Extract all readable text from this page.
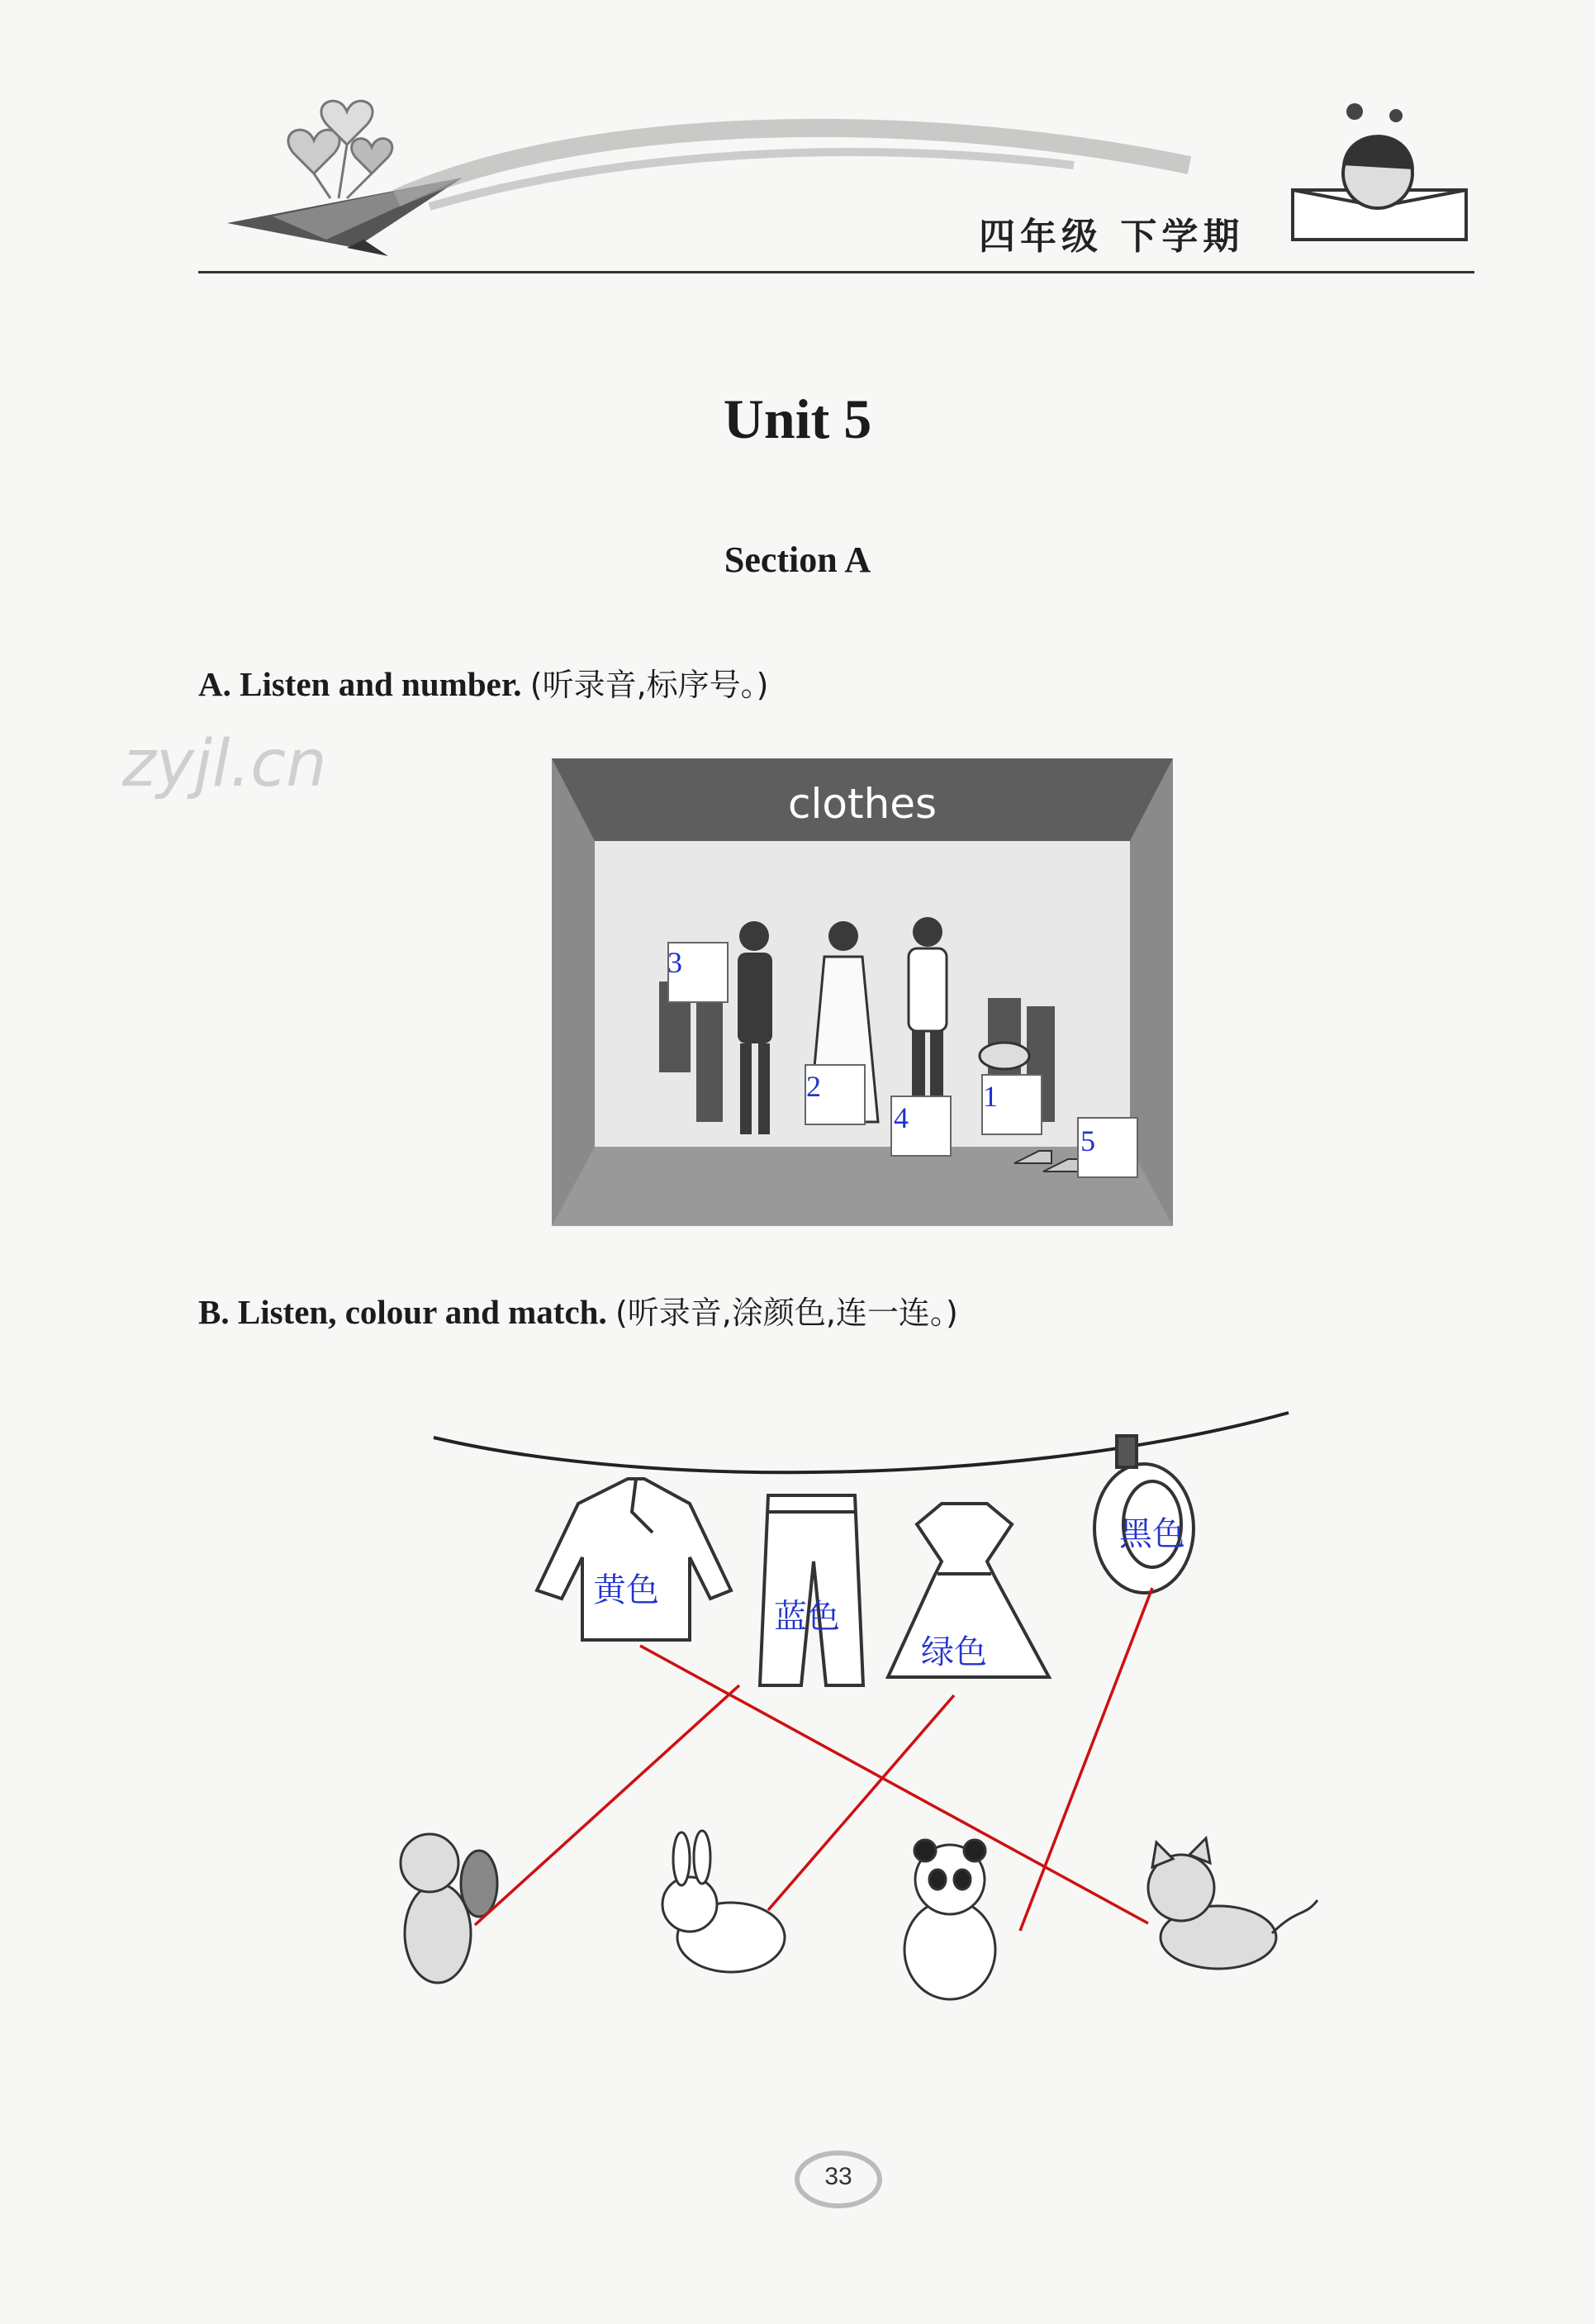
四年级 下学期
Unit 5
Section A
zyjl.cn
A. Listen and number. (听录音,标序号。)
clothes
3
2
4
1
5
B. Listen, colour and match. (听录音,涂颜色,连一连。)
黄色
蓝色
绿色
黑色
33
